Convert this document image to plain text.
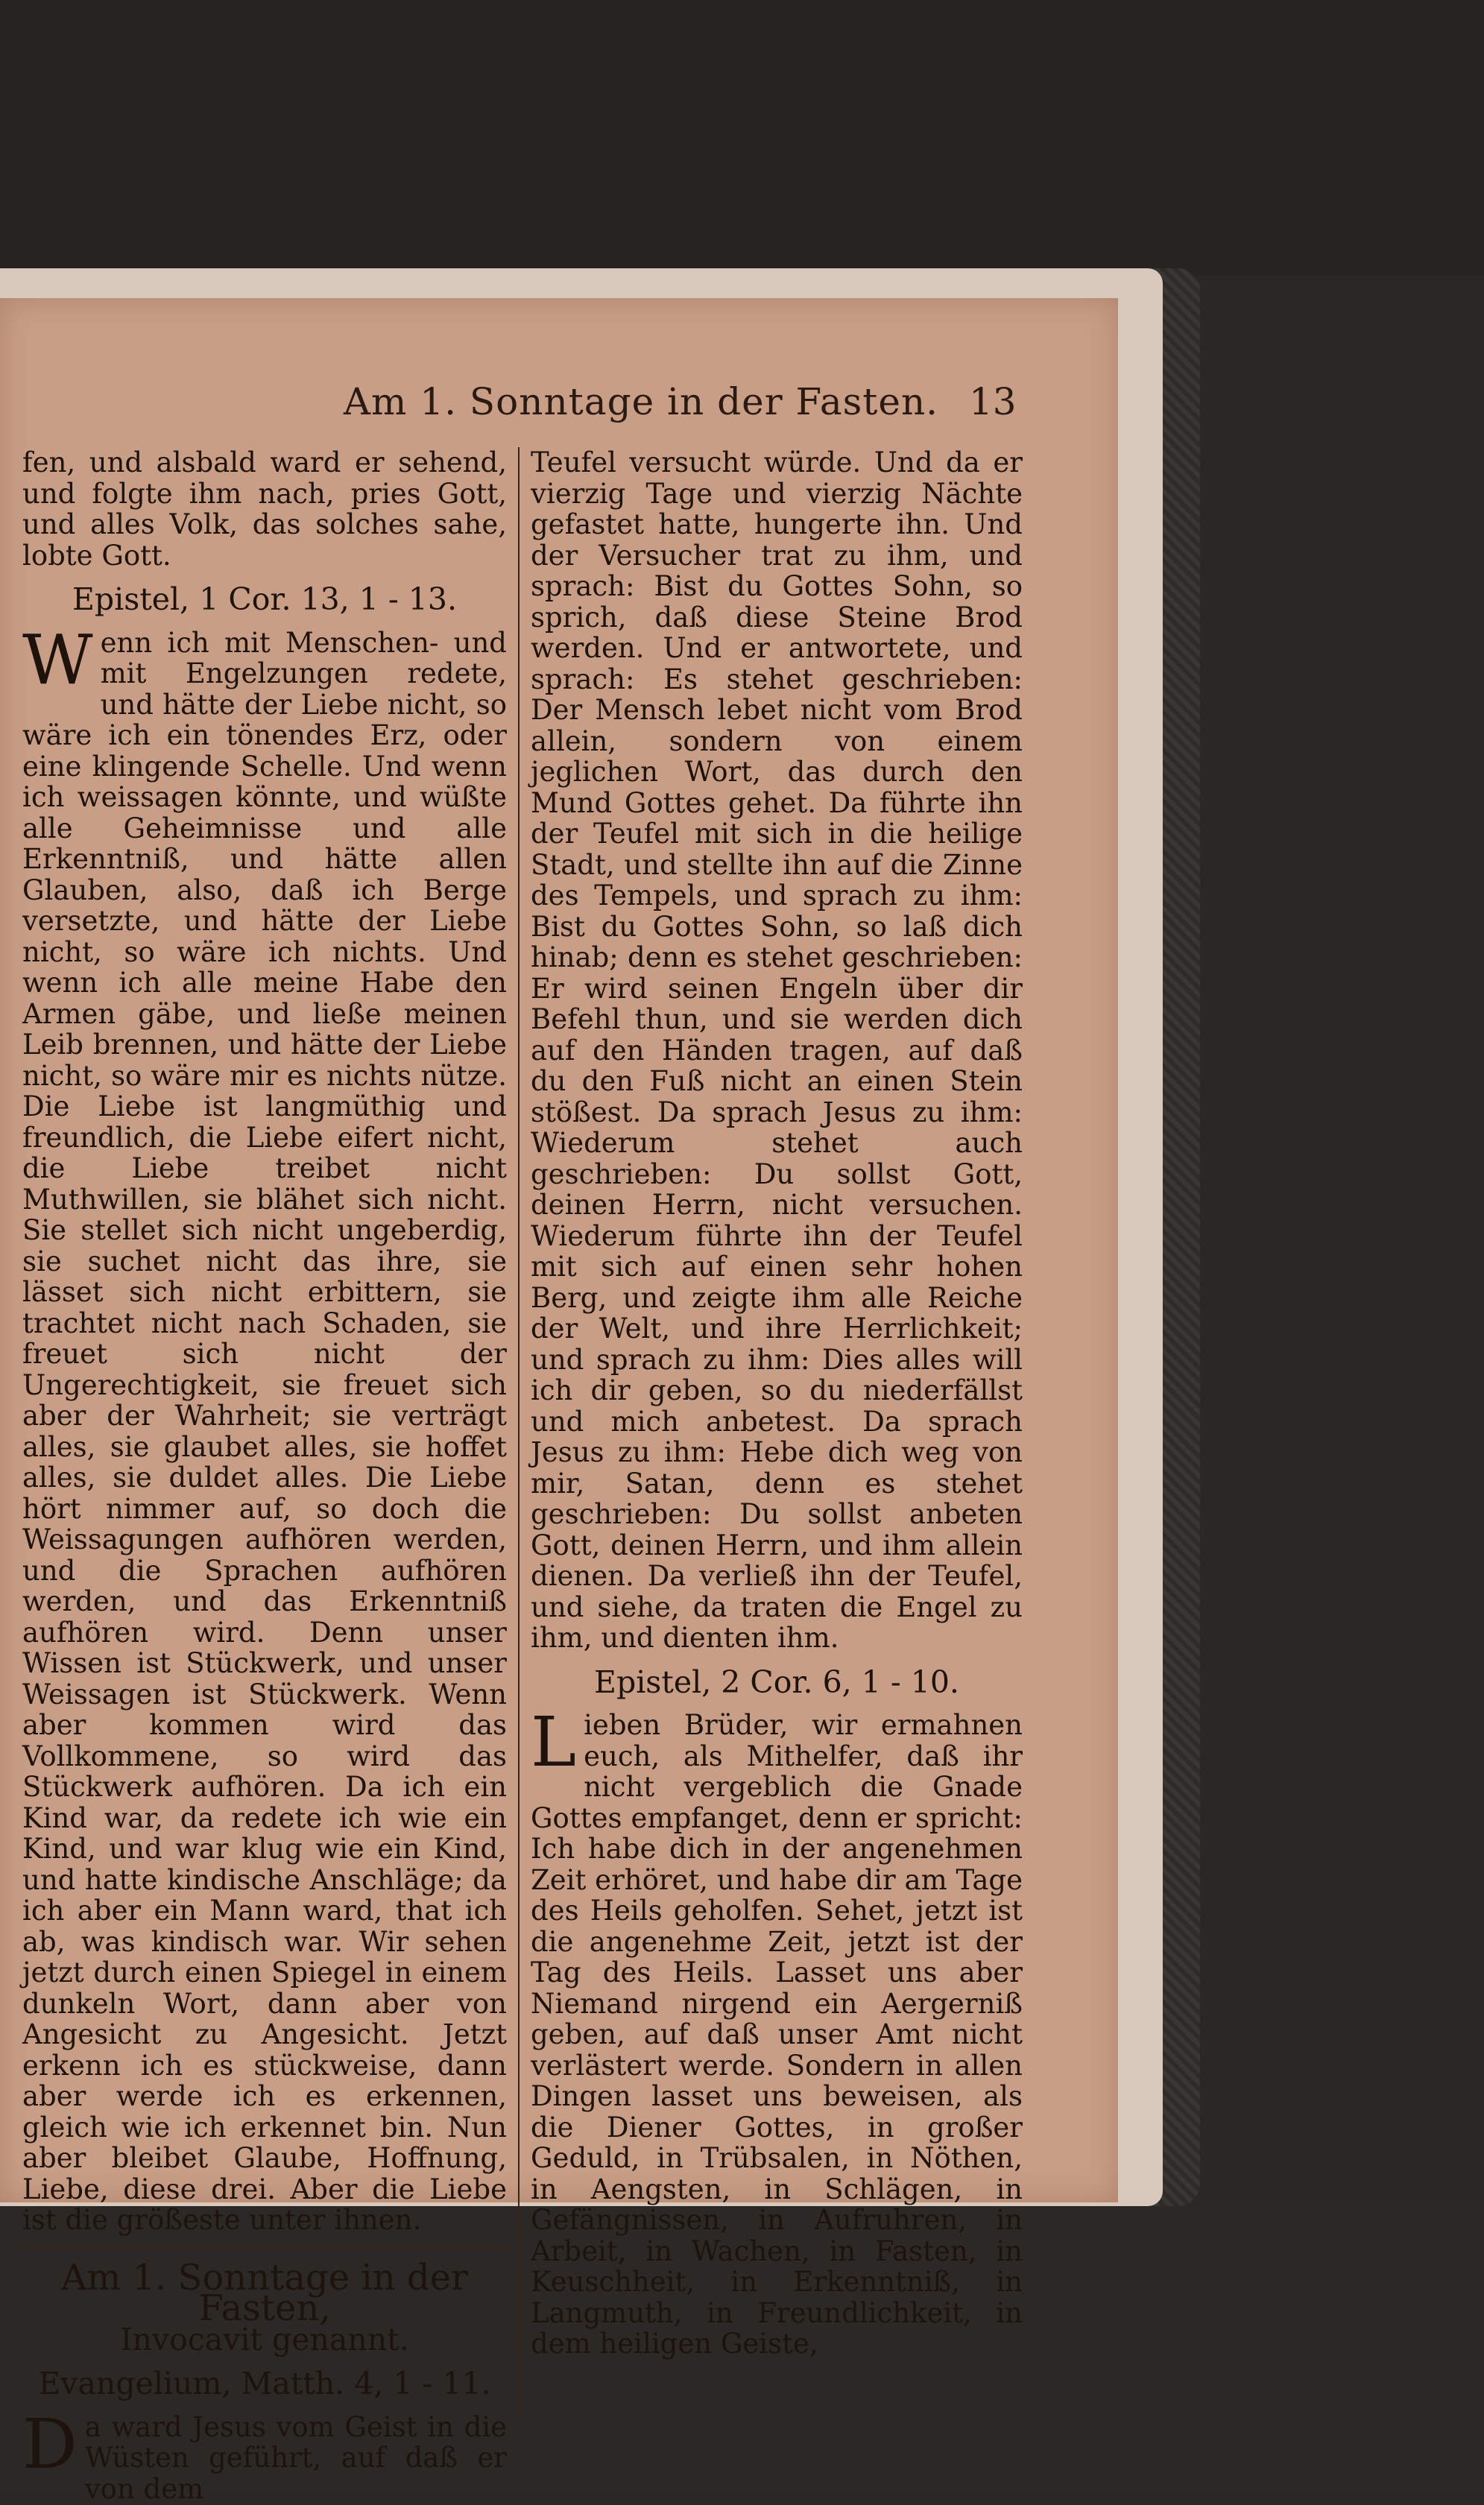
Am 1. Sonntage in der Fasten. 13

fen, und alsbald ward er sehend, und folgte ihm nach, pries Gott, und alles Volk, das solches sahe, lobte Gott.

Epistel, 1 Cor. 13, 1 - 13.

Wenn ich mit Menschen- und mit Engelzungen redete, und hätte der Liebe nicht, so wäre ich ein tönendes Erz, oder eine klingende Schelle. Und wenn ich weissagen könnte, und wüßte alle Geheimnisse und alle Erkenntniß, und hätte allen Glauben, also, daß ich Berge versetzte, und hätte der Liebe nicht, so wäre ich nichts. Und wenn ich alle meine Habe den Armen gäbe, und ließe meinen Leib brennen, und hätte der Liebe nicht, so wäre mir es nichts nütze. Die Liebe ist langmüthig und freundlich, die Liebe eifert nicht, die Liebe treibet nicht Muthwillen, sie blähet sich nicht. Sie stellet sich nicht ungeberdig, sie suchet nicht das ihre, sie lässet sich nicht erbittern, sie trachtet nicht nach Schaden, sie freuet sich nicht der Ungerechtigkeit, sie freuet sich aber der Wahrheit; sie verträgt alles, sie glaubet alles, sie hoffet alles, sie duldet alles. Die Liebe hört nimmer auf, so doch die Weissagungen aufhören werden, und die Sprachen aufhören werden, und das Erkenntniß aufhören wird. Denn unser Wissen ist Stückwerk, und unser Weissagen ist Stückwerk. Wenn aber kommen wird das Vollkommene, so wird das Stückwerk aufhören. Da ich ein Kind war, da redete ich wie ein Kind, und war klug wie ein Kind, und hatte kindische Anschläge; da ich aber ein Mann ward, that ich ab, was kindisch war. Wir sehen jetzt durch einen Spiegel in einem dunkeln Wort, dann aber von Angesicht zu Angesicht. Jetzt erkenn ich es stückweise, dann aber werde ich es erkennen, gleich wie ich erkennet bin. Nun aber bleibet Glaube, Hoffnung, Liebe, diese drei. Aber die Liebe ist die größeste unter ihnen.

Am 1. Sonntage in der Fasten,

Invocavit genannt.

Evangelium, Matth. 4, 1 - 11.

Da ward Jesus vom Geist in die Wüsten geführt, auf daß er von dem

Teufel versucht würde. Und da er vierzig Tage und vierzig Nächte gefastet hatte, hungerte ihn. Und der Versucher trat zu ihm, und sprach: Bist du Gottes Sohn, so sprich, daß diese Steine Brod werden. Und er antwortete, und sprach: Es stehet geschrieben: Der Mensch lebet nicht vom Brod allein, sondern von einem jeglichen Wort, das durch den Mund Gottes gehet. Da führte ihn der Teufel mit sich in die heilige Stadt, und stellte ihn auf die Zinne des Tempels, und sprach zu ihm: Bist du Gottes Sohn, so laß dich hinab; denn es stehet geschrieben: Er wird seinen Engeln über dir Befehl thun, und sie werden dich auf den Händen tragen, auf daß du den Fuß nicht an einen Stein stößest. Da sprach Jesus zu ihm: Wiederum stehet auch geschrieben: Du sollst Gott, deinen Herrn, nicht versuchen. Wiederum führte ihn der Teufel mit sich auf einen sehr hohen Berg, und zeigte ihm alle Reiche der Welt, und ihre Herrlichkeit; und sprach zu ihm: Dies alles will ich dir geben, so du niederfällst und mich anbetest. Da sprach Jesus zu ihm: Hebe dich weg von mir, Satan, denn es stehet geschrieben: Du sollst anbeten Gott, deinen Herrn, und ihm allein dienen. Da verließ ihn der Teufel, und siehe, da traten die Engel zu ihm, und dienten ihm.

Epistel, 2 Cor. 6, 1 - 10.

Lieben Brüder, wir ermahnen euch, als Mithelfer, daß ihr nicht vergeblich die Gnade Gottes empfanget, denn er spricht: Ich habe dich in der angenehmen Zeit erhöret, und habe dir am Tage des Heils geholfen. Sehet, jetzt ist die angenehme Zeit, jetzt ist der Tag des Heils. Lasset uns aber Niemand nirgend ein Aergerniß geben, auf daß unser Amt nicht verlästert werde. Sondern in allen Dingen lasset uns beweisen, als die Diener Gottes, in großer Geduld, in Trübsalen, in Nöthen, in Aengsten, in Schlägen, in Gefängnissen, in Aufruhren, in Arbeit, in Wachen, in Fasten, in Keuschheit, in Erkenntniß, in Langmuth, in Freundlichkeit, in dem heiligen Geiste,
